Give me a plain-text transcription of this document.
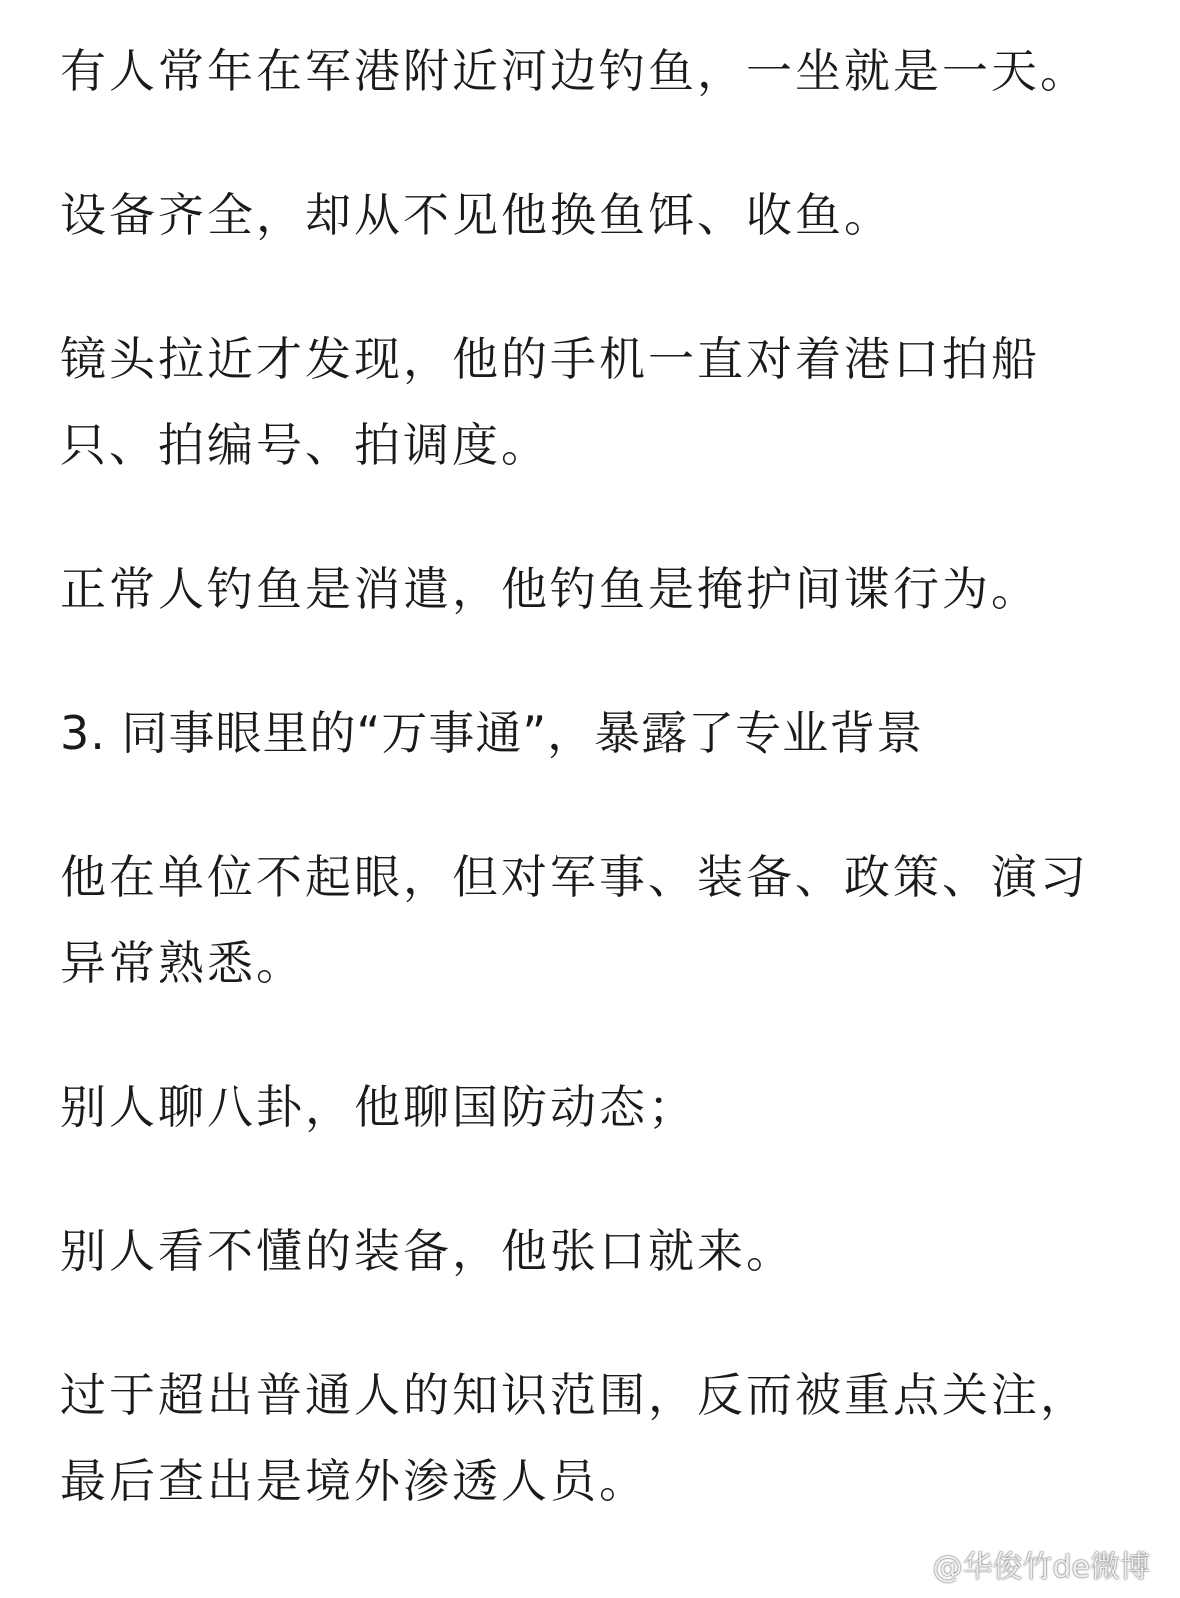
有人常年在军港附近河边钓鱼，一坐就是一天。

设备齐全，却从不见他换鱼饵、收鱼。

镜头拉近才发现，他的手机一直对着港口拍船只、拍编号、拍调度。

正常人钓鱼是消遣，他钓鱼是掩护间谍行为。

3. 同事眼里的“万事通”，暴露了专业背景

他在单位不起眼，但对军事、装备、政策、演习异常熟悉。

别人聊八卦，他聊国防动态；

别人看不懂的装备，他张口就来。

过于超出普通人的知识范围，反而被重点关注，最后查出是境外渗透人员。

@华俊竹de微博
